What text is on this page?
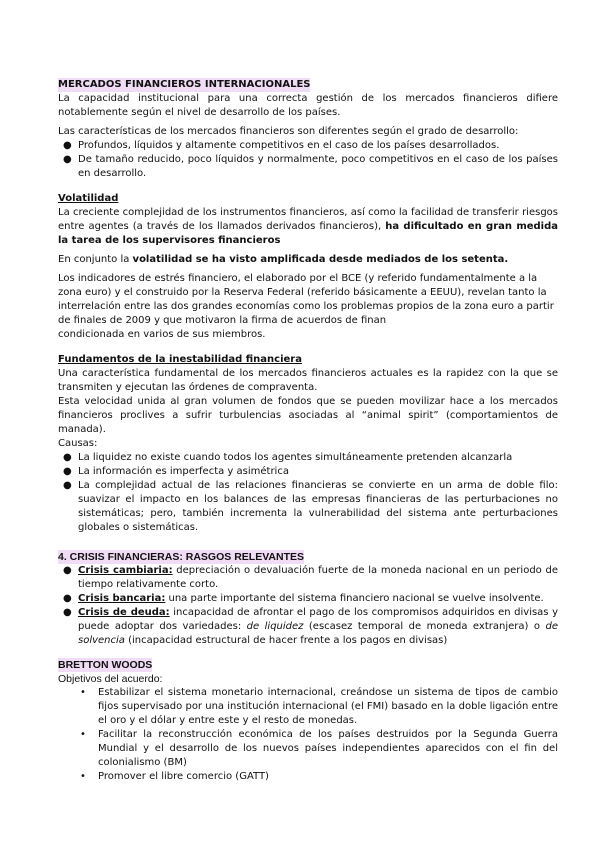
MERCADOS FINANCIEROS INTERNACIONALES

La capacidad institucional para una correcta gestión de los mercados financieros difiere notablemente según el nivel de desarrollo de los países.

Las características de los mercados financieros son diferentes según el grado de desarrollo:

● Profundos, líquidos y altamente competitivos en el caso de los países desarrollados.
● De tamaño reducido, poco líquidos y normalmente, poco competitivos en el caso de los países en desarrollo.
Volatilidad

La creciente complejidad de los instrumentos financieros, así como la facilidad de transferir riesgos entre agentes (a través de los llamados derivados financieros), ha dificultado en gran medida la tarea de los supervisores financieros

En conjunto la volatilidad se ha visto amplificada desde mediados de los setenta.

Los indicadores de estrés financiero, el elaborado por el BCE (y referido fundamentalmente a la zona euro) y el construido por la Reserva Federal (referido básicamente a EEUU), revelan tanto la interrelación entre las dos grandes economías como los problemas propios de la zona euro a partir de finales de 2009 y que motivaron la firma de acuerdos de finan

condicionada en varios de sus miembros.

Fundamentos de la inestabilidad financiera

Una característica fundamental de los mercados financieros actuales es la rapidez con la que se transmiten y ejecutan las órdenes de compraventa.

Esta velocidad unida al gran volumen de fondos que se pueden movilizar hace a los mercados financieros proclives a sufrir turbulencias asociadas al “animal spirit” (comportamientos de manada).

Causas:

● La liquidez no existe cuando todos los agentes simultáneamente pretenden alcanzarla
● La información es imperfecta y asimétrica
● La complejidad actual de las relaciones financieras se convierte en un arma de doble filo: suavizar el impacto en los balances de las empresas financieras de las perturbaciones no sistemáticas; pero, también incrementa la vulnerabilidad del sistema ante perturbaciones globales o sistemáticas.
4. CRISIS FINANCIERAS: RASGOS RELEVANTES
● Crisis cambiaria: depreciación o devaluación fuerte de la moneda nacional en un periodo de tiempo relativamente corto.
● Crisis bancaria: una parte importante del sistema financiero nacional se vuelve insolvente.
● Crisis de deuda: incapacidad de afrontar el pago de los compromisos adquiridos en divisas y puede adoptar dos variedades: de liquidez (escasez temporal de moneda extranjera) o de solvencia (incapacidad estructural de hacer frente a los pagos en divisas)
BRETTON WOODS

Objetivos del acuerdo:

• Estabilizar el sistema monetario internacional, creándose un sistema de tipos de cambio fijos supervisado por una institución internacional (el FMI) basado en la doble ligación entre el oro y el dólar y entre este y el resto de monedas.
• Facilitar la reconstrucción económica de los países destruidos por la Segunda Guerra Mundial y el desarrollo de los nuevos países independientes aparecidos con el fin del colonialismo (BM)
• Promover el libre comercio (GATT)
